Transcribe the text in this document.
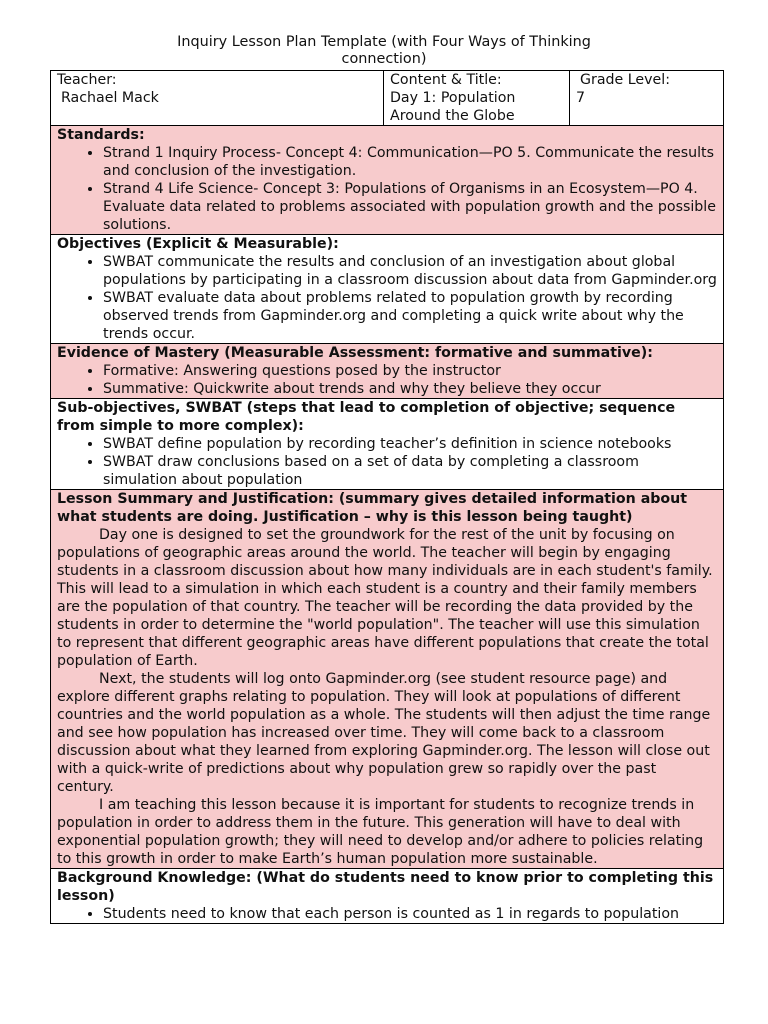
Inquiry Lesson Plan Template (with Four Ways of Thinking
connection)
Teacher:
Rachael Mack

Content & Title:
Day 1: Population Around the Globe

Grade Level:
7

Standards:
• Strand 1 Inquiry Process- Concept 4: Communication—PO 5. Communicate the results and conclusion of the investigation.
• Strand 4 Life Science- Concept 3: Populations of Organisms in an Ecosystem—PO 4. Evaluate data related to problems associated with population growth and the possible solutions.

Objectives (Explicit & Measurable):
• SWBAT communicate the results and conclusion of an investigation about global populations by participating in a classroom discussion about data from Gapminder.org
• SWBAT evaluate data about problems related to population growth by recording observed trends from Gapminder.org and completing a quick write about why the trends occur.

Evidence of Mastery (Measurable Assessment: formative and summative):
• Formative: Answering questions posed by the instructor
• Summative: Quickwrite about trends and why they believe they occur

Sub-objectives, SWBAT (steps that lead to completion of objective; sequence from simple to more complex):
• SWBAT define population by recording teacher’s definition in science notebooks
• SWBAT draw conclusions based on a set of data by completing a classroom simulation about population

Lesson Summary and Justification: (summary gives detailed information about what students are doing. Justification – why is this lesson being taught)

Day one is designed to set the groundwork for the rest of the unit by focusing on populations of geographic areas around the world. The teacher will begin by engaging students in a classroom discussion about how many individuals are in each student's family. This will lead to a simulation in which each student is a country and their family members are the population of that country. The teacher will be recording the data provided by the students in order to determine the "world population". The teacher will use this simulation to represent that different geographic areas have different populations that create the total population of Earth.

Next, the students will log onto Gapminder.org (see student resource page) and explore different graphs relating to population. They will look at populations of different countries and the world population as a whole. The students will then adjust the time range and see how population has increased over time. They will come back to a classroom discussion about what they learned from exploring Gapminder.org. The lesson will close out with a quick-write of predictions about why population grew so rapidly over the past century.

I am teaching this lesson because it is important for students to recognize trends in population in order to address them in the future. This generation will have to deal with exponential population growth; they will need to develop and/or adhere to policies relating to this growth in order to make Earth’s human population more sustainable.

Background Knowledge: (What do students need to know prior to completing this lesson)
• Students need to know that each person is counted as 1 in regards to population
